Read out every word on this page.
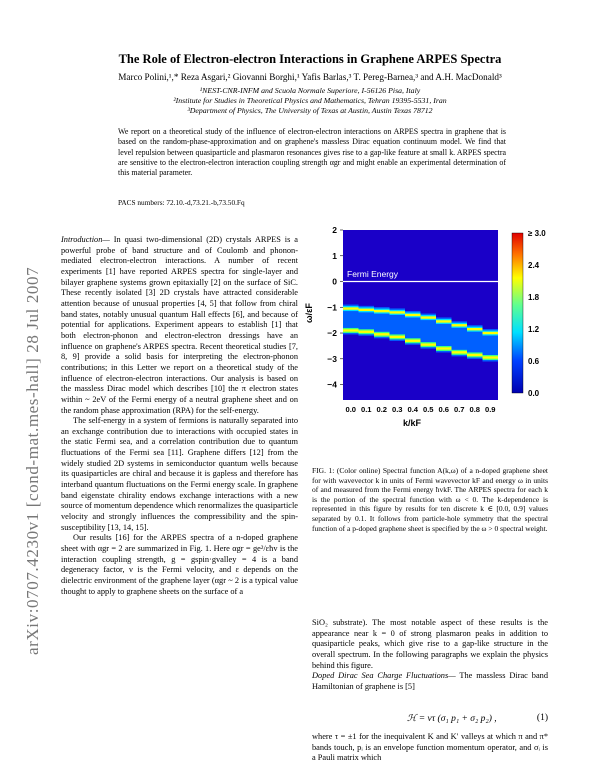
arXiv:0707.4230v1 [cond-mat.mes-hall] 28 Jul 2007
The Role of Electron-electron Interactions in Graphene ARPES Spectra
Marco Polini,¹,* Reza Asgari,² Giovanni Borghi,¹ Yafis Barlas,³ T. Pereg-Barnea,³ and A.H. MacDonald³
¹NEST-CNR-INFM and Scuola Normale Superiore, I-56126 Pisa, Italy
²Institute for Studies in Theoretical Physics and Mathematics, Tehran 19395-5531, Iran
³Department of Physics, The University of Texas at Austin, Austin Texas 78712
We report on a theoretical study of the influence of electron-electron interactions on ARPES spectra in graphene that is based on the random-phase-approximation and on graphene's massless Dirac equation continuum model. We find that level repulsion between quasiparticle and plasmaron resonances gives rise to a gap-like feature at small k. ARPES spectra are sensitive to the electron-electron interaction coupling strength αgr and might enable an experimental determination of this material parameter.
PACS numbers: 72.10.-d,73.21.-b,73.50.Fq

Introduction— In quasi two-dimensional (2D) crystals ARPES is a powerful probe of band structure and of Coulomb and phonon-mediated electron-electron interactions. A number of recent experiments [1] have reported ARPES spectra for single-layer and bilayer graphene systems grown epitaxially [2] on the surface of SiC. These recently isolated [3] 2D crystals have attracted considerable attention because of unusual properties [4, 5] that follow from chiral band states, notably unusual quantum Hall effects [6], and because of potential for applications. Experiment appears to establish [1] that both electron-phonon and electron-electron dressings have an influence on graphene's ARPES spectra. Recent theoretical studies [7, 8, 9] provide a solid basis for interpreting the electron-phonon contributions; in this Letter we report on a theoretical study of the influence of electron-electron interactions. Our analysis is based on the massless Dirac model which describes [10] the π electron states within ~ 2eV of the Fermi energy of a neutral graphene sheet and on the random phase approximation (RPA) for the self-energy.

The self-energy in a system of fermions is naturally separated into an exchange contribution due to interactions with occupied states in the static Fermi sea, and a correlation contribution due to quantum fluctuations of the Fermi sea [11]. Graphene differs [12] from the widely studied 2D systems in semiconductor quantum wells because its quasiparticles are chiral and because it is gapless and therefore has interband quantum fluctuations on the Fermi energy scale. In graphene band eigenstate chirality endows exchange interactions with a new source of momentum dependence which renormalizes the quasiparticle velocity and strongly influences the compressibility and the spin-susceptibility [13, 14, 15].

Our results [16] for the ARPES spectra of a n-doped graphene sheet with αgr = 2 are summarized in Fig. 1. Here αgr = ge²/εħv is the interaction coupling strength, g = gspin·gvalley = 4 is a band degeneracy factor, v is the Fermi velocity, and ε depends on the dielectric environment of the graphene layer (αgr ~ 2 is a typical value thought to apply to graphene sheets on the surface of a

Fermi Energy
2
1
0
−1
−2
−3
−4
0.0 0.1 0.2 0.3 0.4 0.5 0.6 0.7 0.8 0.9
ω/εF
k/kF
≥ 3.0
2.4
1.8
1.2
0.6
0.0
FIG. 1: (Color online) Spectral function A(k,ω) of a n-doped graphene sheet for with wavevector k in units of Fermi wavevector kF and energy ω in units of and measured from the Fermi energy ħvkF. The ARPES spectra for each k is the portion of the spectral function with ω < 0. The k-dependence is represented in this figure by results for ten discrete k ∈ [0.0, 0.9] values separated by 0.1. It follows from particle-hole symmetry that the spectral function of a p-doped graphene sheet is specified by the ω > 0 spectral weight.

SiO₂ substrate). The most notable aspect of these results is the appearance near k = 0 of strong plasmaron peaks in addition to quasiparticle peaks, which give rise to a gap-like structure in the overall spectrum. In the following paragraphs we explain the physics behind this figure.

Doped Dirac Sea Charge Fluctuations— The massless Dirac band Hamiltonian of graphene is [5]

ℋ = vτ (σ₁ p₁ + σ₂ p₂) ,	(1)
where τ = ±1 for the inequivalent K and K′ valleys at which π and π* bands touch, pᵢ is an envelope function momentum operator, and σᵢ is a Pauli matrix which
